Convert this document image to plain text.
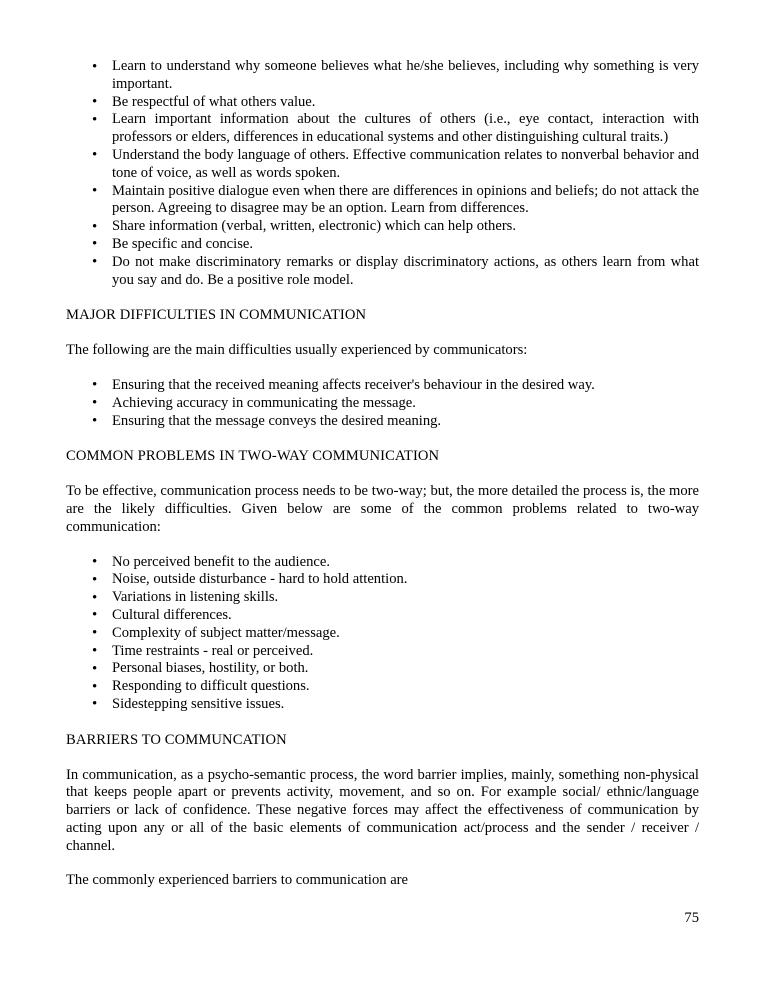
• Learn to understand why someone believes what he/she believes, including why something is very important.
• Be respectful of what others value.
• Learn important information about the cultures of others (i.e., eye contact, interaction with professors or elders, differences in educational systems and other distinguishing cultural traits.)
• Understand the body language of others. Effective communication relates to nonverbal behavior and tone of voice, as well as words spoken.
• Maintain positive dialogue even when there are differences in opinions and beliefs; do not attack the person. Agreeing to disagree may be an option. Learn from differences.
• Share information (verbal, written, electronic) which can help others.
• Be specific and concise.
• Do not make discriminatory remarks or display discriminatory actions, as others learn from what you say and do. Be a positive role model.

MAJOR DIFFICULTIES IN COMMUNICATION

The following are the main difficulties usually experienced by communicators:

• Ensuring that the received meaning affects receiver's behaviour in the desired way.
• Achieving accuracy in communicating the message.
• Ensuring that the message conveys the desired meaning.

COMMON PROBLEMS IN TWO-WAY COMMUNICATION

To be effective, communication process needs to be two-way; but, the more detailed the process is, the more are the likely difficulties. Given below are some of the common problems related to two-way communication:

• No perceived benefit to the audience.
• Noise, outside disturbance - hard to hold attention.
• Variations in listening skills.
• Cultural differences.
• Complexity of subject matter/message.
• Time restraints - real or perceived.
• Personal biases, hostility, or both.
• Responding to difficult questions.
• Sidestepping sensitive issues.

BARRIERS TO COMMUNCATION

In communication, as a psycho-semantic process, the word barrier implies, mainly, something non-physical that keeps people apart or prevents activity, movement, and so on. For example social/ ethnic/language barriers or lack of confidence. These negative forces may affect the effectiveness of communication by acting upon any or all of the basic elements of communication act/process and the sender / receiver / channel.

The commonly experienced barriers to communication are

75
